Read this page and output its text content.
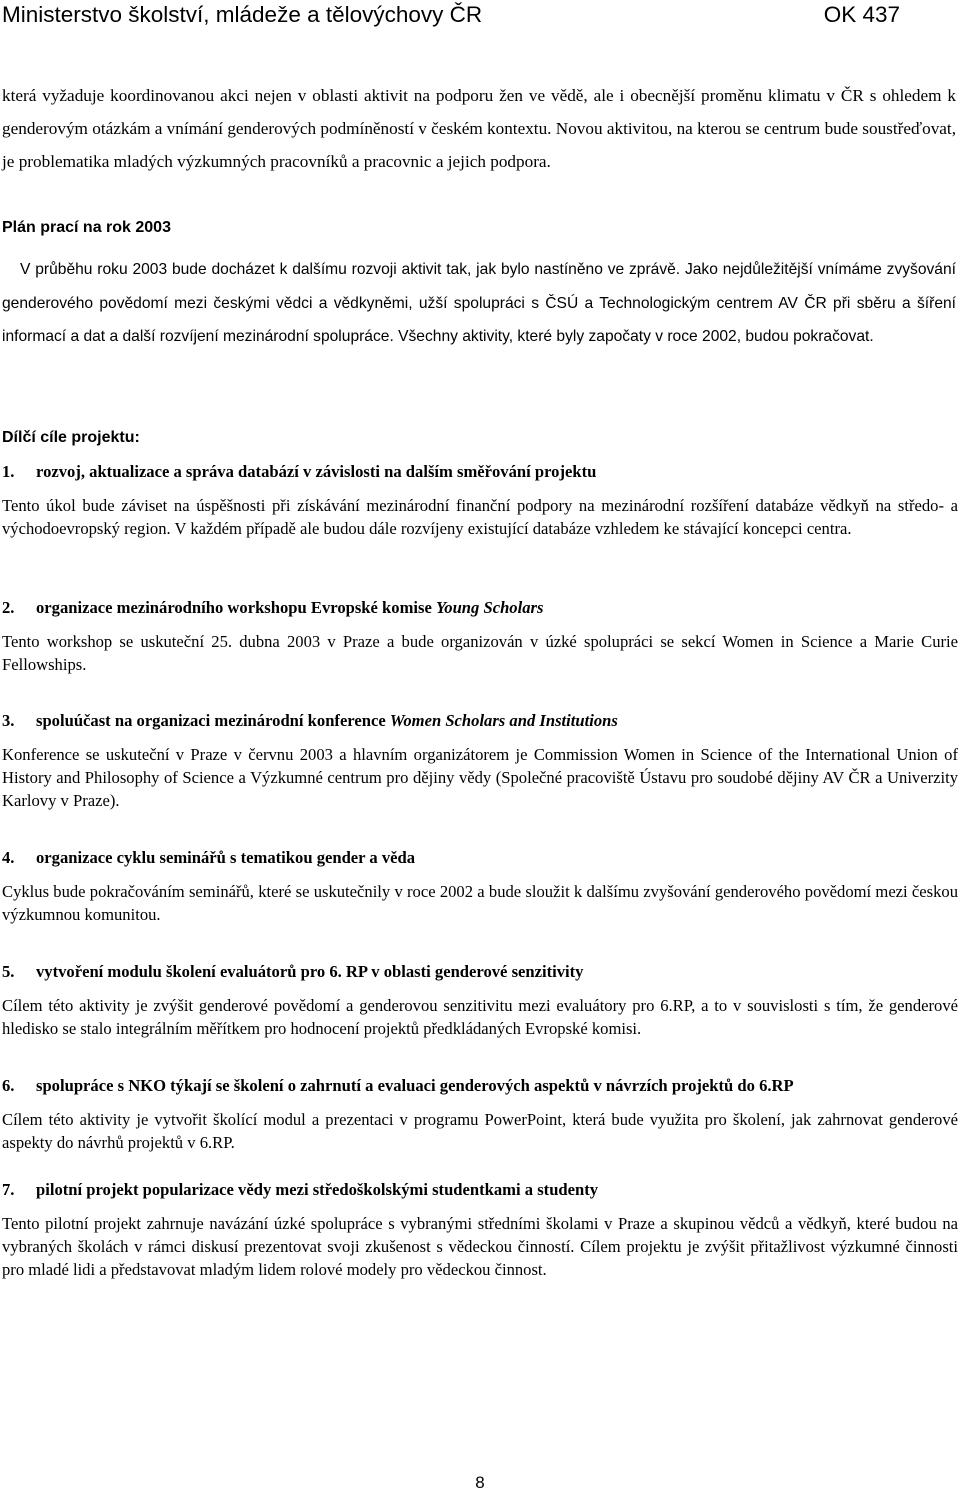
Ministerstvo školství, mládeže a tělovýchovy ČR	OK 437

která vyžaduje koordinovanou akci nejen v oblasti aktivit na podporu žen ve vědě, ale i obecnější proměnu klimatu v ČR s ohledem k genderovým otázkám a vnímání genderových podmíněností v českém kontextu. Novou aktivitou, na kterou se centrum bude soustřeďovat, je problematika mladých výzkumných pracovníků a pracovnic a jejich podpora.

Plán prací na rok 2003

V průběhu roku 2003 bude docházet k dalšímu rozvoji aktivit tak, jak bylo nastíněno ve zprávě. Jako nejdůležitější vnímáme zvyšování genderového povědomí mezi českými vědci a vědkyněmi, užší spolupráci s ČSÚ a Technologickým centrem AV ČR při sběru a šíření informací a dat a další rozvíjení mezinárodní spolupráce. Všechny aktivity, které byly započaty v roce 2002, budou pokračovat.

Dílčí cíle projektu:

1. rozvoj, aktualizace a správa databází v závislosti na dalším směřování projektu

Tento úkol bude záviset na úspěšnosti při získávání mezinárodní finanční podpory na mezinárodní rozšíření databáze vědkyň na středo- a východoevropský region. V každém případě ale budou dále rozvíjeny existující databáze vzhledem ke stávající koncepci centra.

2. organizace mezinárodního workshopu Evropské komise Young Scholars

Tento workshop se uskuteční 25. dubna 2003 v Praze a bude organizován v úzké spolupráci se sekcí Women in Science a Marie Curie Fellowships.

3. spoluúčast na organizaci mezinárodní konference Women Scholars and Institutions

Konference se uskuteční v Praze v červnu 2003 a hlavním organizátorem je Commission Women in Science of the International Union of History and Philosophy of Science a Výzkumné centrum pro dějiny vědy (Společné pracoviště Ústavu pro soudobé dějiny AV ČR a Univerzity Karlovy v Praze).

4. organizace cyklu seminářů s tematikou gender a věda

Cyklus bude pokračováním seminářů, které se uskutečnily v roce 2002 a bude sloužit k dalšímu zvyšování genderového povědomí mezi českou výzkumnou komunitou.

5. vytvoření modulu školení evaluátorů pro 6. RP v oblasti genderové senzitivity

Cílem této aktivity je zvýšit genderové povědomí a genderovou senzitivitu mezi evaluátory pro 6.RP, a to v souvislosti s tím, že genderové hledisko se stalo integrálním měřítkem pro hodnocení projektů předkládaných Evropské komisi.

6. spolupráce s NKO týkají se školení o zahrnutí a evaluaci genderových aspektů v návrzích projektů do 6.RP

Cílem této aktivity je vytvořit školící modul a prezentaci v programu PowerPoint, která bude využita pro školení, jak zahrnovat genderové aspekty do návrhů projektů v 6.RP.

7. pilotní projekt popularizace vědy mezi středoškolskými studentkami a studenty

Tento pilotní projekt zahrnuje navázání úzké spolupráce s vybranými středními školami v Praze a skupinou vědců a vědkyň, které budou na vybraných školách v rámci diskusí prezentovat svoji zkušenost s vědeckou činností. Cílem projektu je zvýšit přitažlivost výzkumné činnosti pro mladé lidi a představovat mladým lidem rolové modely pro vědeckou činnost.

8
